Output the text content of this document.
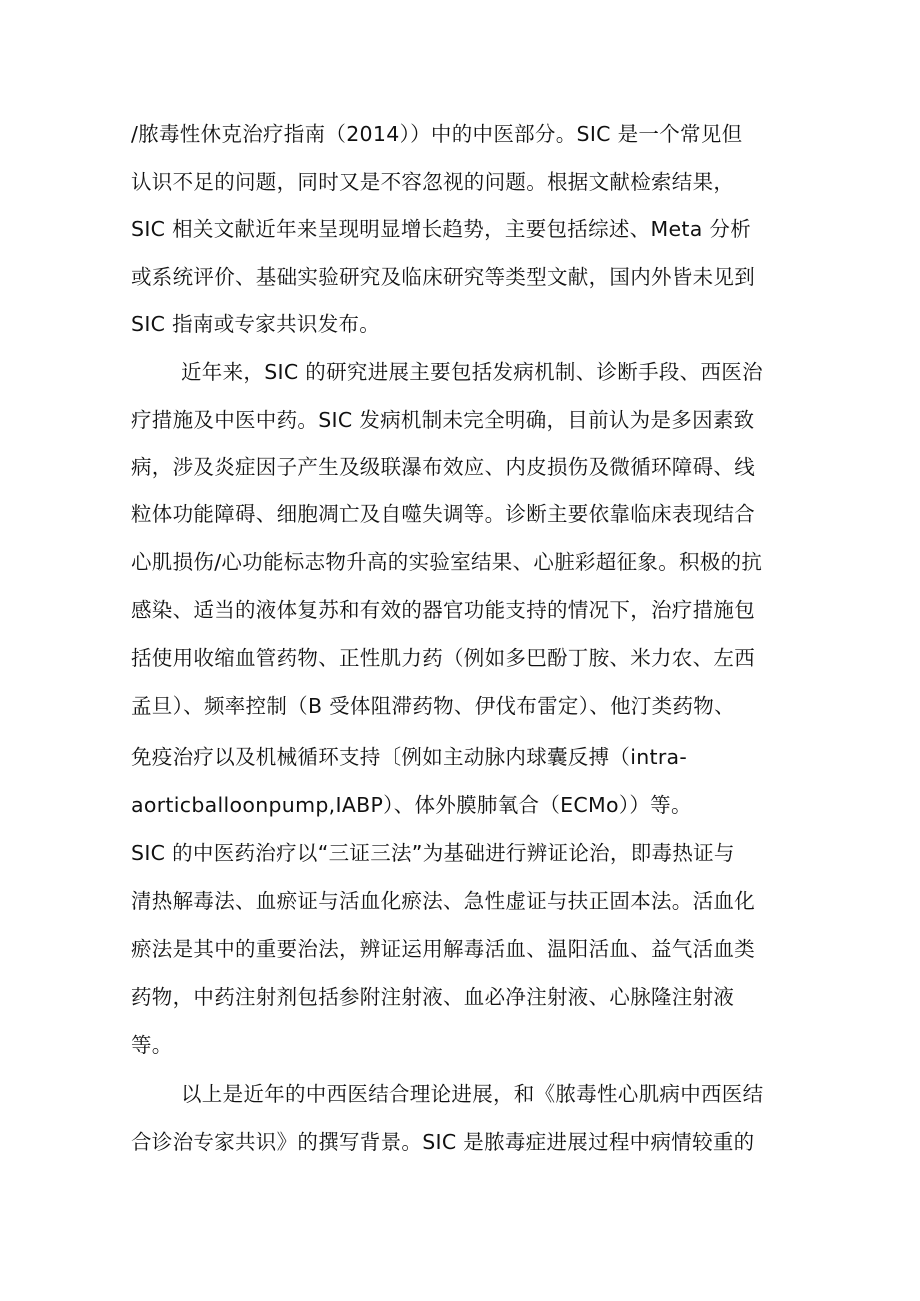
/脓毒性休克治疗指南（2014））中的中医部分。SIC 是一个常见但
认识不足的问题，同时又是不容忽视的问题。根据文献检索结果，
SIC 相关文献近年来呈现明显增长趋势，主要包括综述、Meta 分析
或系统评价、基础实验研究及临床研究等类型文献，国内外皆未见到
SIC 指南或专家共识发布。
近年来，SIC 的研究进展主要包括发病机制、诊断手段、西医治
疗措施及中医中药。SIC 发病机制未完全明确，目前认为是多因素致
病，涉及炎症因子产生及级联瀑布效应、内皮损伤及微循环障碍、线
粒体功能障碍、细胞凋亡及自噬失调等。诊断主要依靠临床表现结合
心肌损伤/心功能标志物升高的实验室结果、心脏彩超征象。积极的抗
感染、适当的液体复苏和有效的器官功能支持的情况下，治疗措施包
括使用收缩血管药物、正性肌力药（例如多巴酚丁胺、米力农、左西
孟旦）、频率控制（B 受体阻滞药物、伊伐布雷定）、他汀类药物、
免疫治疗以及机械循环支持〔例如主动脉内球囊反搏（intra-
aorticballoonpump,IABP）、体外膜肺氧合（ECMo））等。
SIC 的中医药治疗以“三证三法”为基础进行辨证论治，即毒热证与
清热解毒法、血瘀证与活血化瘀法、急性虚证与扶正固本法。活血化
瘀法是其中的重要治法，辨证运用解毒活血、温阳活血、益气活血类
药物，中药注射剂包括参附注射液、血必净注射液、心脉隆注射液
等。
以上是近年的中西医结合理论进展，和《脓毒性心肌病中西医结
合诊治专家共识》的撰写背景。SIC 是脓毒症进展过程中病情较重的
